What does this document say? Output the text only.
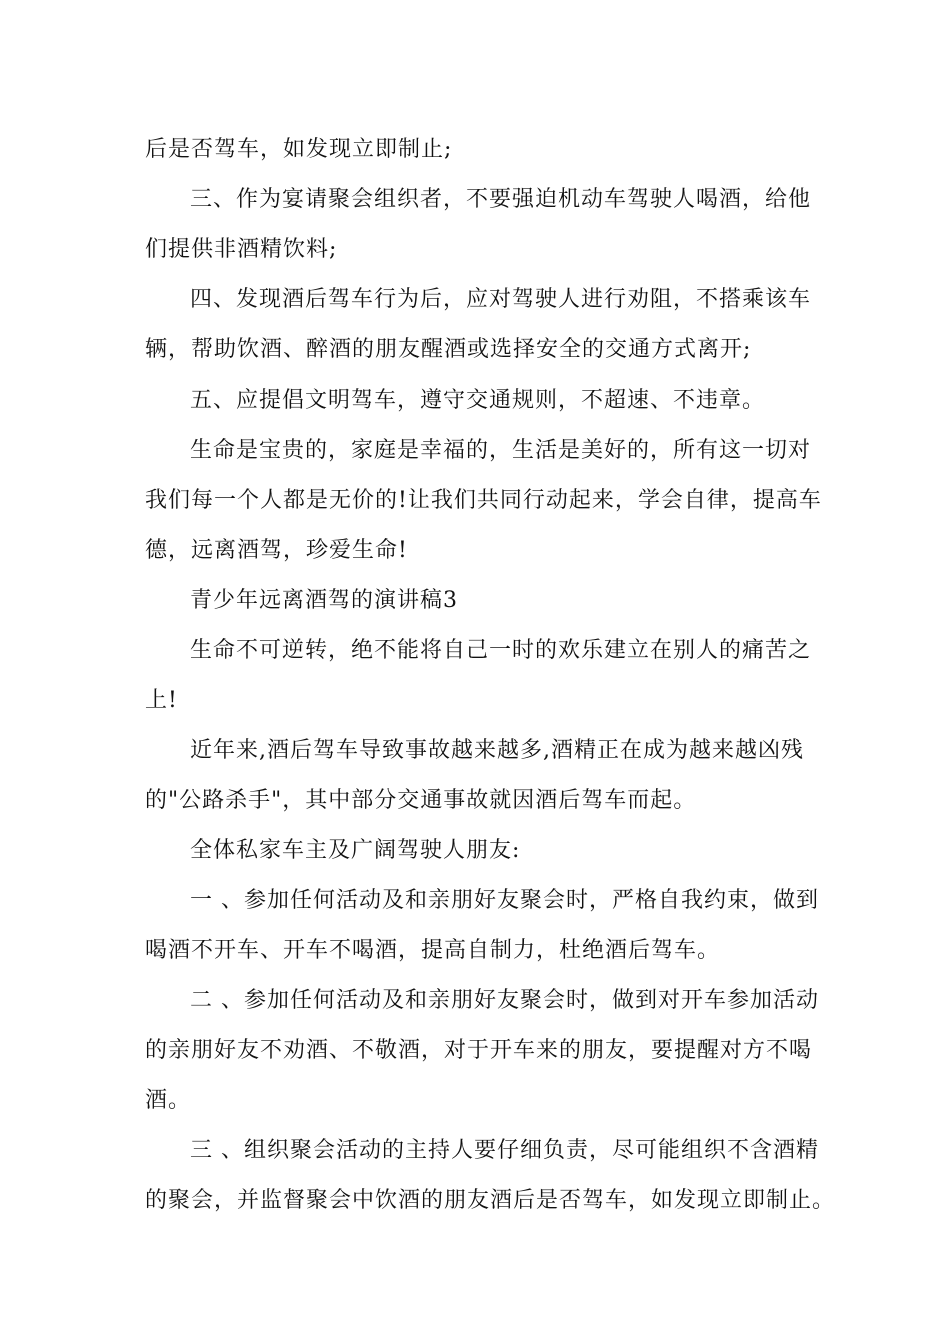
后是否驾车，如发现立即制止;
三、作为宴请聚会组织者，不要强迫机动车驾驶人喝酒，给他
们提供非酒精饮料;
四、发现酒后驾车行为后，应对驾驶人进行劝阻，不搭乘该车
辆，帮助饮酒、醉酒的朋友醒酒或选择安全的交通方式离开;
五、应提倡文明驾车，遵守交通规则，不超速、不违章。
生命是宝贵的，家庭是幸福的，生活是美好的，所有这一切对
我们每一个人都是无价的!让我们共同行动起来，学会自律，提高车
德，远离酒驾，珍爱生命!
青少年远离酒驾的演讲稿3
生命不可逆转，绝不能将自己一时的欢乐建立在别人的痛苦之
上!
近年来,酒后驾车导致事故越来越多,酒精正在成为越来越凶残
的"公路杀手"，其中部分交通事故就因酒后驾车而起。
全体私家车主及广阔驾驶人朋友:
一 、参加任何活动及和亲朋好友聚会时，严格自我约束，做到
喝酒不开车、开车不喝酒，提高自制力，杜绝酒后驾车。
二 、参加任何活动及和亲朋好友聚会时，做到对开车参加活动
的亲朋好友不劝酒、不敬酒，对于开车来的朋友，要提醒对方不喝
酒。
三 、组织聚会活动的主持人要仔细负责，尽可能组织不含酒精
的聚会，并监督聚会中饮酒的朋友酒后是否驾车，如发现立即制止。
